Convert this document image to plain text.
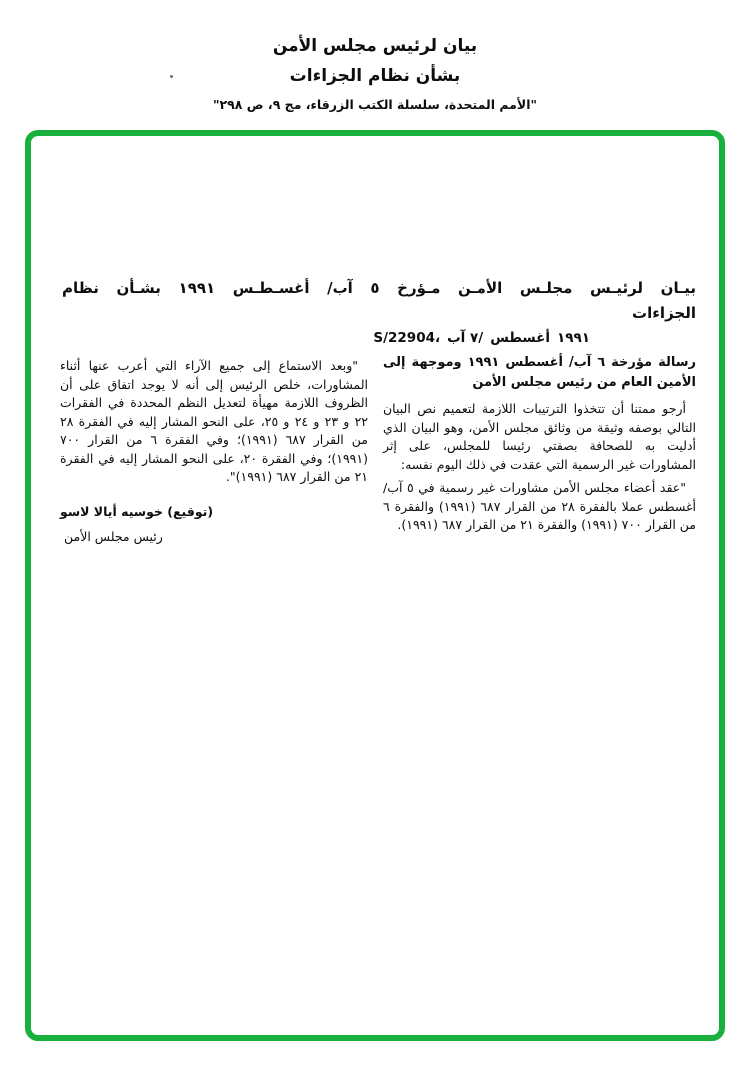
بيان لرئيس مجلس الأمن
بشأن نظام الجزاءات
"الأمم المتحدة، سلسلة الكتب الزرقاء، مج ٩، ص ٢٩٨"
بيـان لرئيـس مجلـس الأمـن مـؤرخ ٥ آب/ أغسـطـس ١٩٩١ بشـأن نظام
الجزاءات
S/22904، ٧ آب/ أغسطس ١٩٩١
رسالة مؤرخة ٦ آب/ أغسطس ١٩٩١ وموجهة إلى الأمين العام من رئيس مجلس الأمن

أرجو ممتنا أن تتخذوا الترتيبات اللازمة لتعميم نص البيان التالي بوصفه وثيقة من وثائق مجلس الأمن، وهو البيان الذي أدليت به للصحافة بصفتي رئيسا للمجلس، على إثر المشاورات غير الرسمية التي عقدت في ذلك اليوم نفسه:

"عقد أعضاء مجلس الأمن مشاورات غير رسمية في ٥ آب/ أغسطس عملا بالفقرة ٢٨ من القرار ٦٨٧ (١٩٩١) والفقرة ٦ من القرار ٧٠٠ (١٩٩١) والفقرة ٢١ من القرار ٦٨٧ (١٩٩١).

"وبعد الاستماع إلى جميع الآراء التي أعرب عنها أثناء المشاورات، خلص الرئيس إلى أنه لا يوجد اتفاق على أن الظروف اللازمة مهيأة لتعديل النظم المحددة في الفقرات ٢٢ و ٢٣ و ٢٤ و ٢٥، على النحو المشار إليه في الفقرة ٢٨ من القرار ٦٨٧ (١٩٩١)؛ وفي الفقرة ٦ من القرار ٧٠٠ (١٩٩١)؛ وفي الفقرة ٢٠، على النحو المشار إليه في الفقرة ٢١ من القرار ٦٨٧ (١٩٩١)".

(توقيع) خوسيه أيالا لاسو
رئيس مجلس الأمن
